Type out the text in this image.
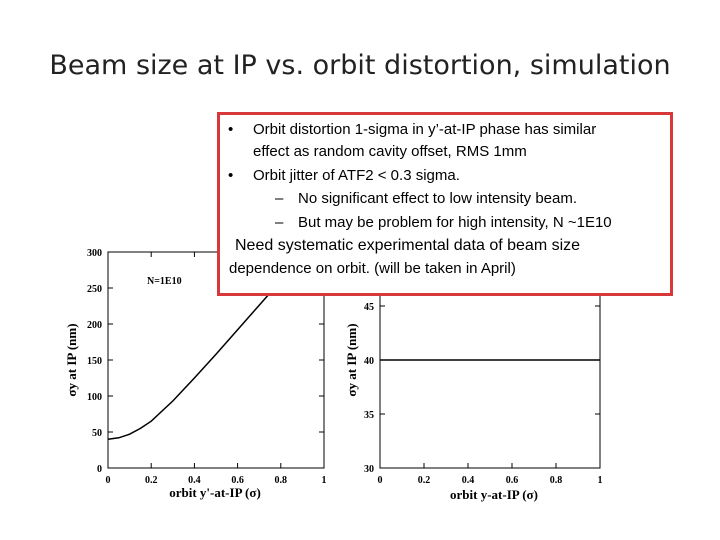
Beam size at IP vs. orbit distortion, simulation
0	0.2	0.4	0.6	0.8	1
0
50
100
150
200
250
300
N=1E10
orbit y'-at-IP (σ)
σy at IP (nm)
0	0.2	0.4	0.6	0.8	1
30
35
40
45
orbit y-at-IP (σ)
σy at IP (nm)
• Orbit distortion 1-sigma in y’-at-IP phase has similar
effect as random cavity offset, RMS 1mm
• Orbit jitter of ATF2 < 0.3 sigma.
– No significant effect to low intensity beam.
– But may be problem for high intensity, N ~1E10
Need systematic experimental data of beam size
dependence on orbit. (will be taken in April)
